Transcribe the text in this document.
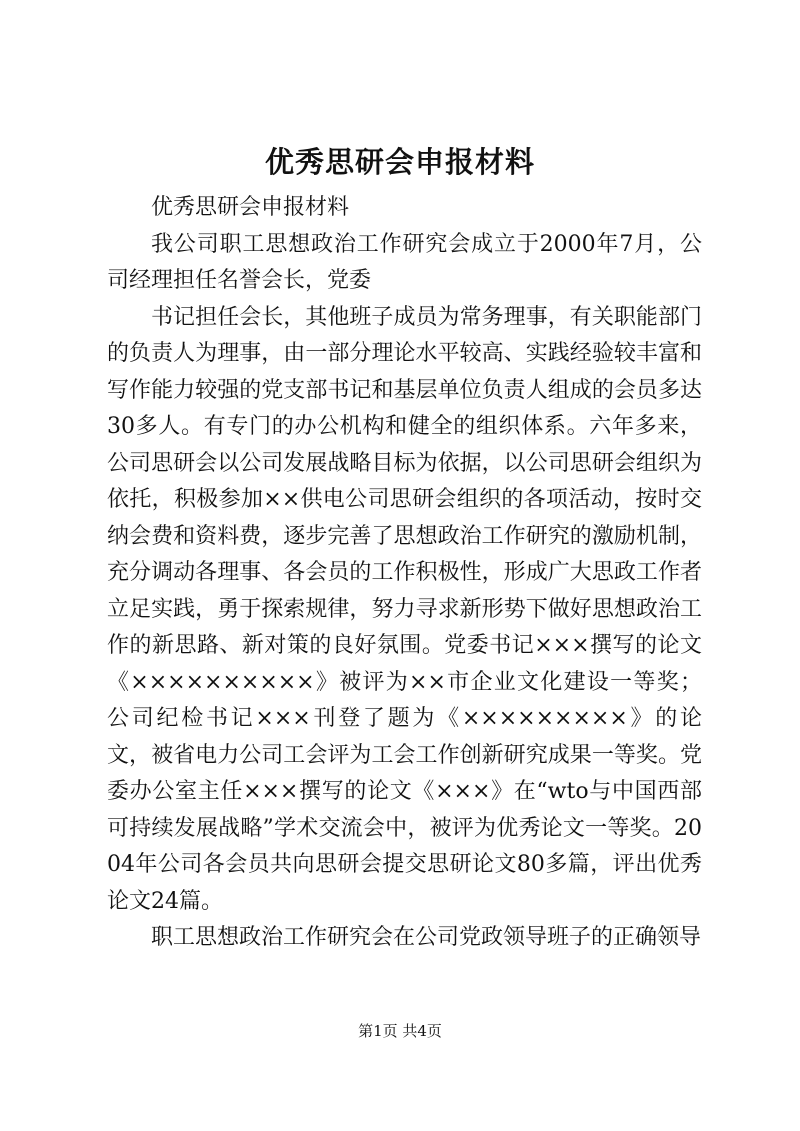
优秀思研会申报材料

优秀思研会申报材料

我公司职工思想政治工作研究会成立于2000年7月，公司经理担任名誉会长，党委

书记担任会长，其他班子成员为常务理事，有关职能部门的负责人为理事，由一部分理论水平较高、实践经验较丰富和写作能力较强的党支部书记和基层单位负责人组成的会员多达30多人。有专门的办公机构和健全的组织体系。六年多来，公司思研会以公司发展战略目标为依据，以公司思研会组织为依托，积极参加××供电公司思研会组织的各项活动，按时交纳会费和资料费，逐步完善了思想政治工作研究的激励机制，充分调动各理事、各会员的工作积极性，形成广大思政工作者立足实践，勇于探索规律，努力寻求新形势下做好思想政治工作的新思路、新对策的良好氛围。党委书记×××撰写的论文《××××××××××》被评为××市企业文化建设一等奖；公司纪检书记×××刊登了题为《×××××××××》的论文，被省电力公司工会评为工会工作创新研究成果一等奖。党委办公室主任×××撰写的论文《×××》在“wto与中国西部可持续发展战略”学术交流会中，被评为优秀论文一等奖。2004年公司各会员共向思研会提交思研论文80多篇，评出优秀论文24篇。

职工思想政治工作研究会在公司党政领导班子的正确领导

第1页 共4页
